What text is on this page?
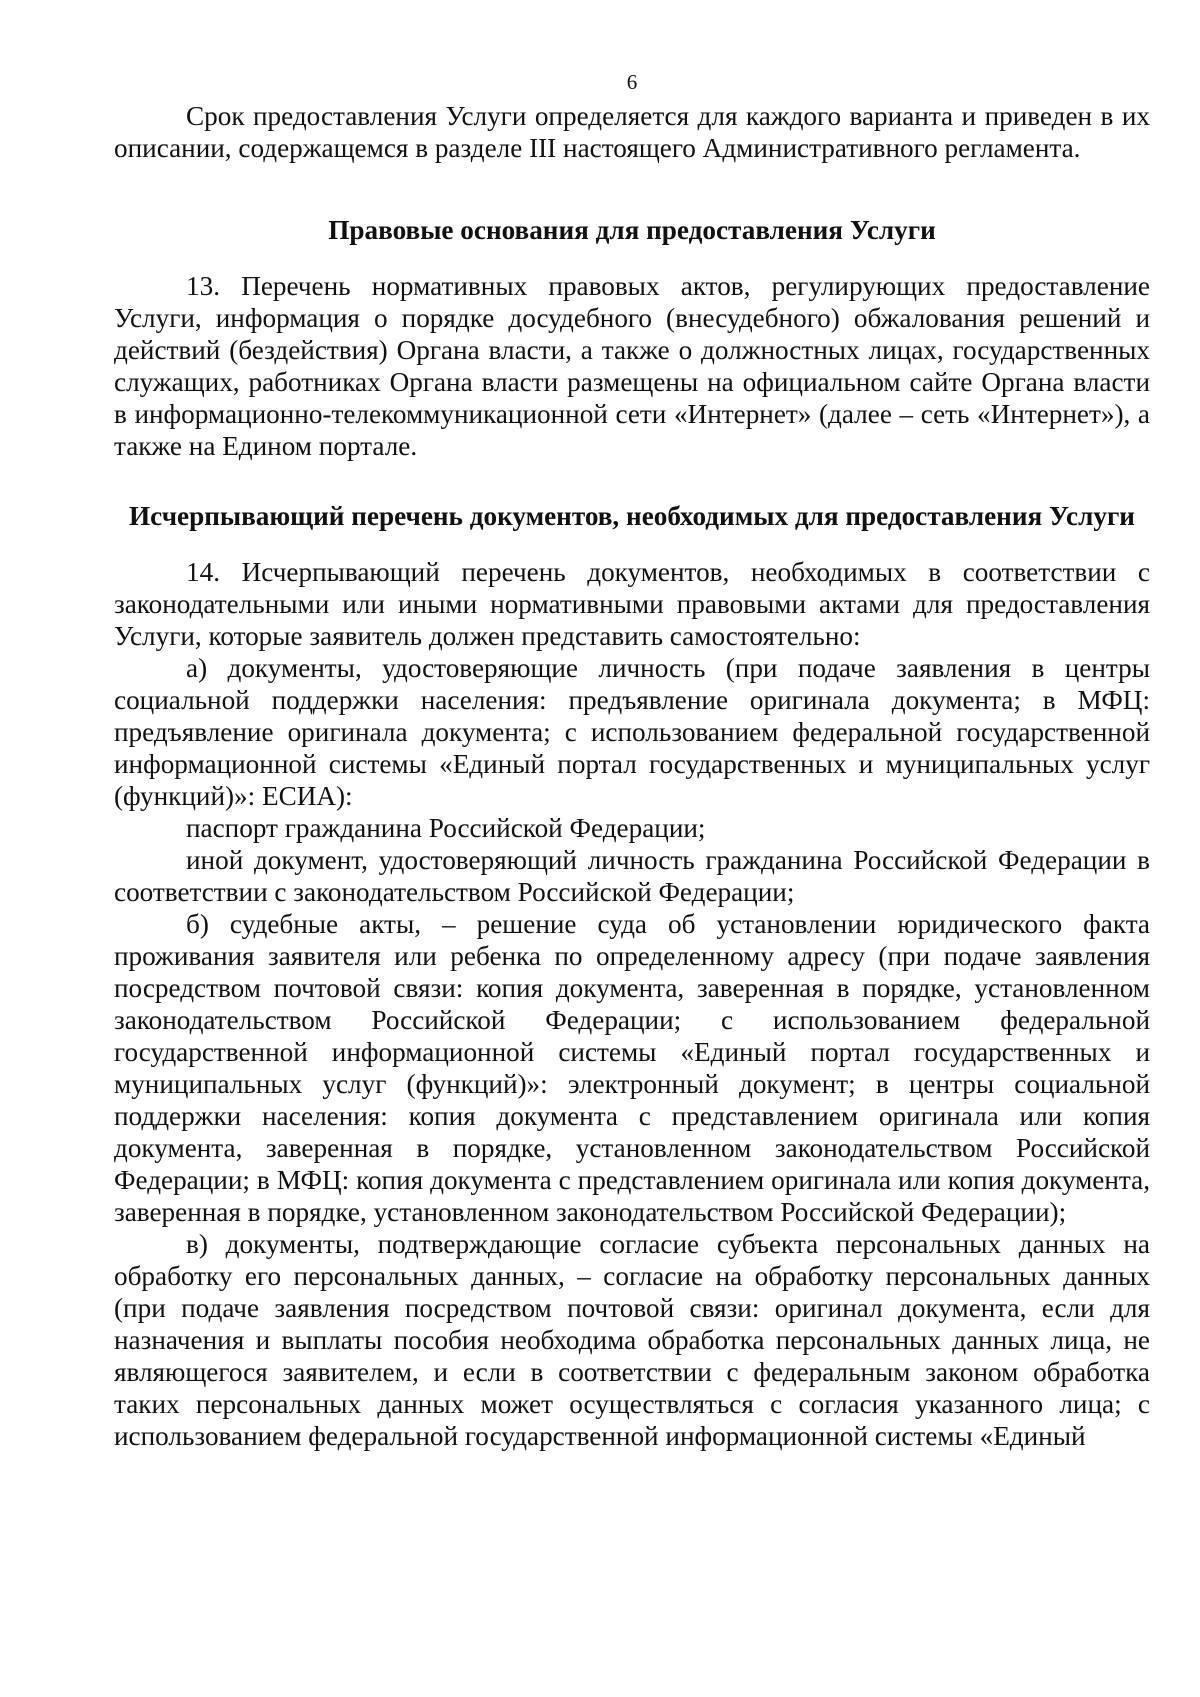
6

Срок предоставления Услуги определяется для каждого варианта и приведен в их описании, содержащемся в разделе III настоящего Административного регламента.

Правовые основания для предоставления Услуги

13. Перечень нормативных правовых актов, регулирующих предоставление Услуги, информация о порядке досудебного (внесудебного) обжалования решений и действий (бездействия) Органа власти, а также о должностных лицах, государственных служащих, работниках Органа власти размещены на официальном сайте Органа власти в информационно-телекоммуникационной сети «Интернет» (далее – сеть «Интернет»), а также на Едином портале.

Исчерпывающий перечень документов, необходимых для предоставления Услуги

14. Исчерпывающий перечень документов, необходимых в соответствии с законодательными или иными нормативными правовыми актами для предоставления Услуги, которые заявитель должен представить самостоятельно:

а) документы, удостоверяющие личность (при подаче заявления в центры социальной поддержки населения: предъявление оригинала документа; в МФЦ: предъявление оригинала документа; с использованием федеральной государственной информационной системы «Единый портал государственных и муниципальных услуг (функций)»: ЕСИА):

паспорт гражданина Российской Федерации;

иной документ, удостоверяющий личность гражданина Российской Федерации в соответствии с законодательством Российской Федерации;

б) судебные акты, – решение суда об установлении юридического факта проживания заявителя или ребенка по определенному адресу (при подаче заявления посредством почтовой связи: копия документа, заверенная в порядке, установленном законодательством Российской Федерации; с использованием федеральной государственной информационной системы «Единый портал государственных и муниципальных услуг (функций)»: электронный документ; в центры социальной поддержки населения: копия документа с представлением оригинала или копия документа, заверенная в порядке, установленном законодательством Российской Федерации; в МФЦ: копия документа с представлением оригинала или копия документа, заверенная в порядке, установленном законодательством Российской Федерации);

в) документы, подтверждающие согласие субъекта персональных данных на обработку его персональных данных, – согласие на обработку персональных данных (при подаче заявления посредством почтовой связи: оригинал документа, если для назначения и выплаты пособия необходима обработка персональных данных лица, не являющегося заявителем, и если в соответствии с федеральным законом обработка таких персональных данных может осуществляться с согласия указанного лица; с использованием федеральной государственной информационной системы «Единый
